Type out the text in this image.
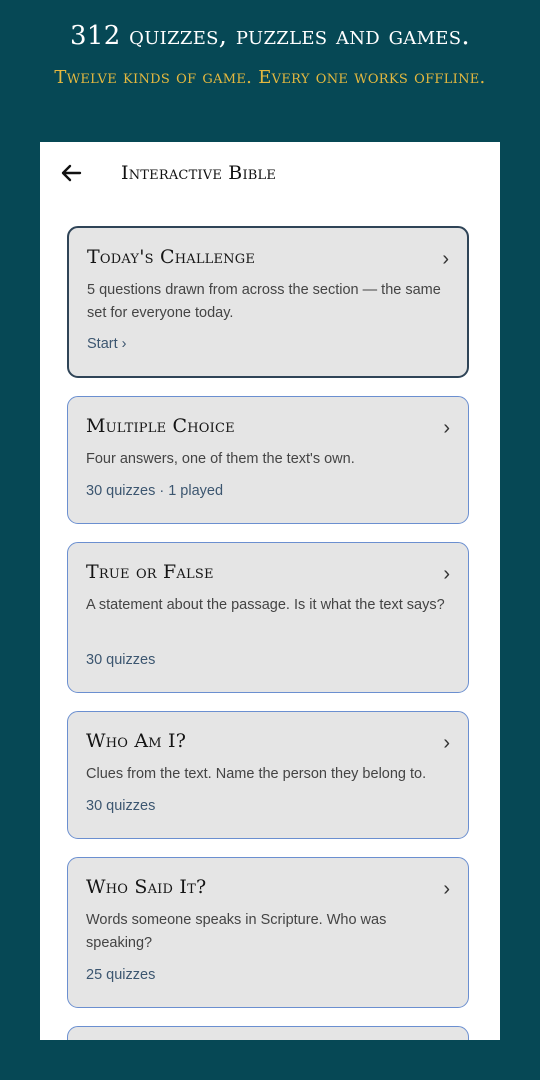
312 quizzes, puzzles and games.
Twelve kinds of game. Every one works offline.
Interactive Bible
Today's Challenge	›
5 questions drawn from across the section — the same set for everyone today.
Start ›
Multiple Choice	›
Four answers, one of them the text's own.
30 quizzes · 1 played
True or False	›
A statement about the passage. Is it what the text says?
30 quizzes
Who Am I?	›
Clues from the text. Name the person they belong to.
30 quizzes
Who Said It?	›
Words someone speaks in Scripture. Who was speaking?
25 quizzes
